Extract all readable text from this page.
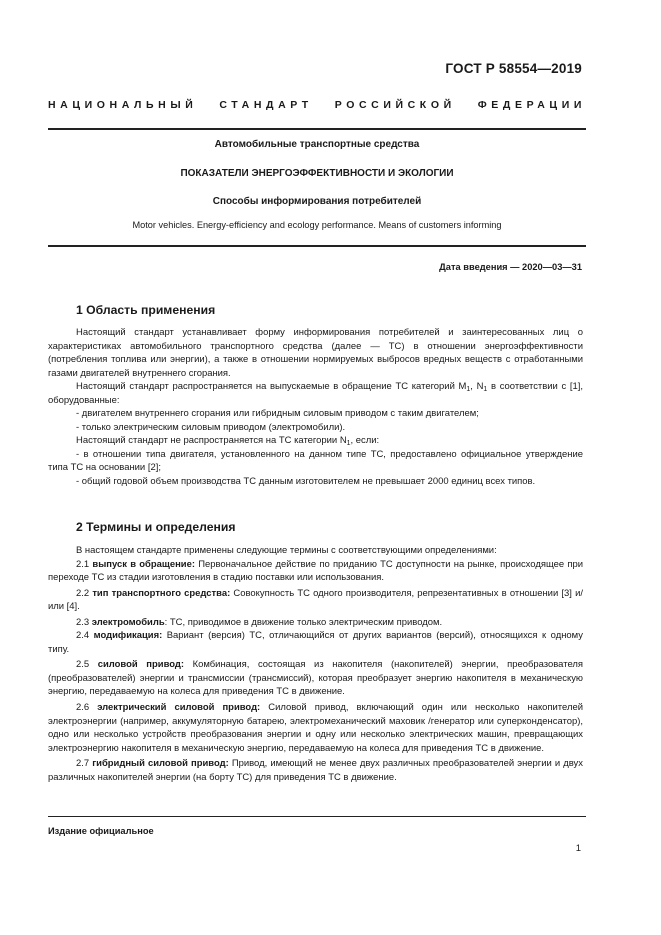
ГОСТ Р 58554—2019
НАЦИОНАЛЬНЫЙ СТАНДАРТ РОССИЙСКОЙ ФЕДЕРАЦИИ
Автомобильные транспортные средства
ПОКАЗАТЕЛИ ЭНЕРГОЭФФЕКТИВНОСТИ И ЭКОЛОГИИ
Способы информирования потребителей
Motor vehicles. Energy-efficiency and ecology performance. Means of customers informing
Дата введения — 2020—03—31
1 Область применения

Настоящий стандарт устанавливает форму информирования потребителей и заинтересованных лиц о характеристиках автомобильного транспортного средства (далее — ТС) в отношении энергоэффективности (потребления топлива или энергии), а также в отношении нормируемых выбросов вредных веществ с отработанными газами двигателей внутреннего сгорания.

Настоящий стандарт распространяется на выпускаемые в обращение ТС категорий $М_1$, $N_1$ в соответствии с [1], оборудованные:

- двигателем внутреннего сгорания или гибридным силовым приводом с таким двигателем;

- только электрическим силовым приводом (электромобили).

Настоящий стандарт не распространяется на ТС категории $N_1$, если:

- в отношении типа двигателя, установленного на данном типе ТС, предоставлено официальное утверждение типа ТС на основании [2];

- общий годовой объем производства ТС данным изготовителем не превышает 2000 единиц всех типов.

2 Термины и определения

В настоящем стандарте применены следующие термины с соответствующими определениями:

2.1 выпуск в обращение: Первоначальное действие по приданию ТС доступности на рынке, происходящее при переходе ТС из стадии изготовления в стадию поставки или использования.

2.2 тип транспортного средства: Совокупность ТС одного производителя, репрезентативных в отношении [3] и/или [4].

2.3 электромобиль: ТС, приводимое в движение только электрическим приводом.

2.4 модификация: Вариант (версия) ТС, отличающийся от других вариантов (версий), относящихся к одному типу.

2.5 силовой привод: Комбинация, состоящая из накопителя (накопителей) энергии, преобразователя (преобразователей) энергии и трансмиссии (трансмиссий), которая преобразует энергию накопителя в механическую энергию, передаваемую на колеса для приведения ТС в движение.

2.6 электрический силовой привод: Силовой привод, включающий один или несколько накопителей электроэнергии (например, аккумуляторную батарею, электромеханический маховик /генератор или суперконденсатор), одно или несколько устройств преобразования энергии и одну или несколько электрических машин, превращающих электроэнергию накопителя в механическую энергию, передаваемую на колеса для приведения ТС в движение.

2.7 гибридный силовой привод: Привод, имеющий не менее двух различных преобразователей энергии и двух различных накопителей энергии (на борту ТС) для приведения ТС в движение.

Издание официальное
1
